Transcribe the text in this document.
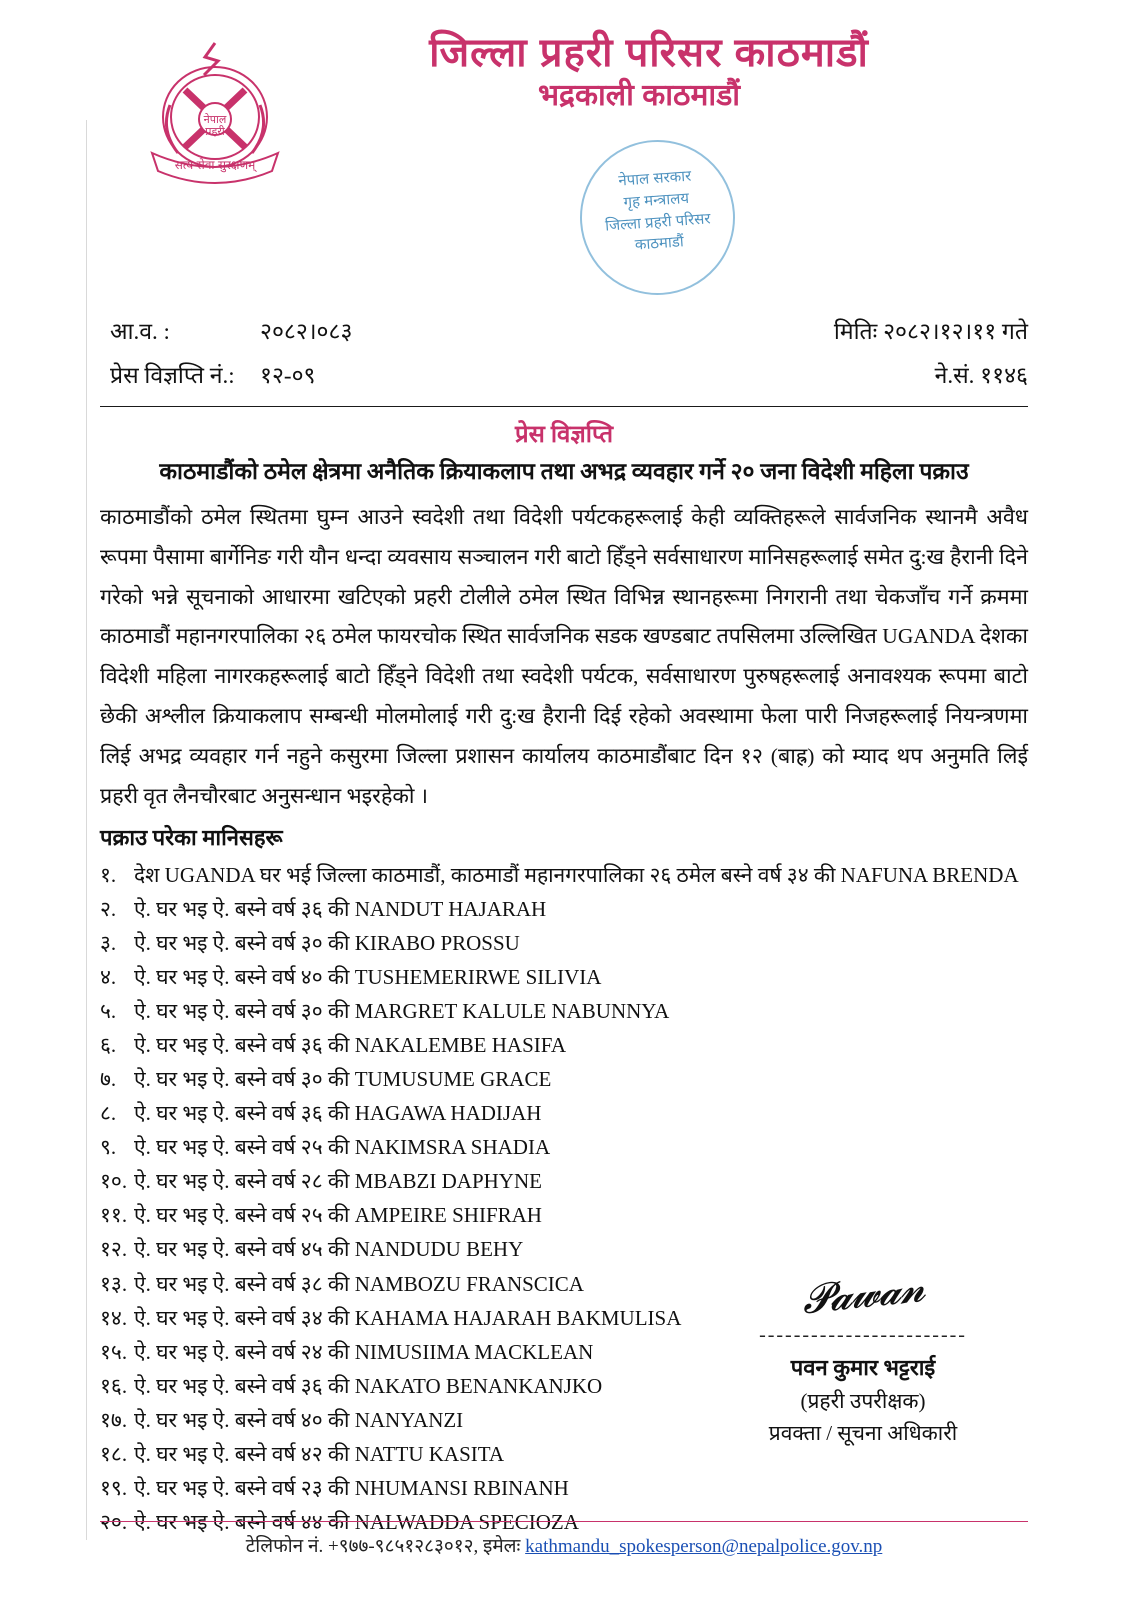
नेपाल
प्रहरी
सत्य सेवा सुरक्षणम्
जिल्ला प्रहरी परिसर काठमाडौं
भद्रकाली काठमाडौं
नेपाल सरकार
गृह मन्त्रालय
जिल्ला प्रहरी परिसर
काठमाडौं
आ.व. :	२०८२।०८३
प्रेस विज्ञप्ति नं.: १२-०९
मितिः २०८२।१२।११ गते
ने.सं. ११४६
प्रेस विज्ञप्ति
काठमाडौंको ठमेल क्षेत्रमा अनैतिक क्रियाकलाप तथा अभद्र व्यवहार गर्ने २० जना विदेशी महिला पक्राउ

काठमाडौंको ठमेल स्थितमा घुम्न आउने स्वदेशी तथा विदेशी पर्यटकहरूलाई केही व्यक्तिहरूले सार्वजनिक स्थानमै अवैध रूपमा पैसामा बार्गेनिङ गरी यौन धन्दा व्यवसाय सञ्चालन गरी बाटो हिँड्ने सर्वसाधारण मानिसहरूलाई समेत दु:ख हैरानी दिने गरेको भन्ने सूचनाको आधारमा खटिएको प्रहरी टोलीले ठमेल स्थित विभिन्न स्थानहरूमा निगरानी तथा चेकजाँच गर्ने क्रममा काठमाडौं महानगरपालिका २६ ठमेल फायरचोक स्थित सार्वजनिक सडक खण्डबाट तपसिलमा उल्लिखित UGANDA देशका विदेशी महिला नागरकहरूलाई बाटो हिँड्ने विदेशी तथा स्वदेशी पर्यटक, सर्वसाधारण पुरुषहरूलाई अनावश्यक रूपमा बाटो छेकी अश्लील क्रियाकलाप सम्बन्धी मोलमोलाई गरी दु:ख हैरानी दिई रहेको अवस्थामा फेला पारी निजहरूलाई नियन्त्रणमा लिई अभद्र व्यवहार गर्न नहुने कसुरमा जिल्ला प्रशासन कार्यालय काठमाडौंबाट दिन १२ (बाह्र) को म्याद थप अनुमति लिई प्रहरी वृत लैनचौरबाट अनुसन्धान भइरहेको ।

पक्राउ परेका मानिसहरू
१. देश UGANDA घर भई जिल्ला काठमाडौं, काठमाडौं महानगरपालिका २६ ठमेल बस्ने वर्ष ३४ की NAFUNA BRENDA
२. ऐ. घर भइ ऐ. बस्ने वर्ष ३६ की NANDUT HAJARAH
३. ऐ. घर भइ ऐ. बस्ने वर्ष ३० की KIRABO PROSSU
४. ऐ. घर भइ ऐ. बस्ने वर्ष ४० की TUSHEMERIRWE SILIVIA
५. ऐ. घर भइ ऐ. बस्ने वर्ष ३० की MARGRET KALULE NABUNNYA
६. ऐ. घर भइ ऐ. बस्ने वर्ष ३६ की NAKALEMBE HASIFA
७. ऐ. घर भइ ऐ. बस्ने वर्ष ३० की TUMUSUME GRACE
८. ऐ. घर भइ ऐ. बस्ने वर्ष ३६ की HAGAWA HADIJAH
९. ऐ. घर भइ ऐ. बस्ने वर्ष २५ की NAKIMSRA SHADIA
१०. ऐ. घर भइ ऐ. बस्ने वर्ष २८ की MBABZI DAPHYNE
११. ऐ. घर भइ ऐ. बस्ने वर्ष २५ की AMPEIRE SHIFRAH
१२. ऐ. घर भइ ऐ. बस्ने वर्ष ४५ की NANDUDU BEHY
१३. ऐ. घर भइ ऐ. बस्ने वर्ष ३८ की NAMBOZU FRANSCICA
१४. ऐ. घर भइ ऐ. बस्ने वर्ष ३४ की KAHAMA HAJARAH BAKMULISA
१५. ऐ. घर भइ ऐ. बस्ने वर्ष २४ की NIMUSIIMA MACKLEAN
१६. ऐ. घर भइ ऐ. बस्ने वर्ष ३६ की NAKATO BENANKANJKO
१७. ऐ. घर भइ ऐ. बस्ने वर्ष ४० की NANYANZI
१८. ऐ. घर भइ ऐ. बस्ने वर्ष ४२ की NATTU KASITA
१९. ऐ. घर भइ ऐ. बस्ने वर्ष २३ की NHUMANSI RBINANH
२०. ऐ. घर भइ ऐ. बस्ने वर्ष ४४ की NALWADDA SPECIOZA
𝓟𝓪𝔀𝓪𝓷
------------------------
पवन कुमार भट्टराई
(प्रहरी उपरीक्षक)
प्रवक्ता / सूचना अधिकारी
टेलिफोन नं. +९७७-९८५१२८३०१२, इमेलः kathmandu_spokesperson@nepalpolice.gov.np
